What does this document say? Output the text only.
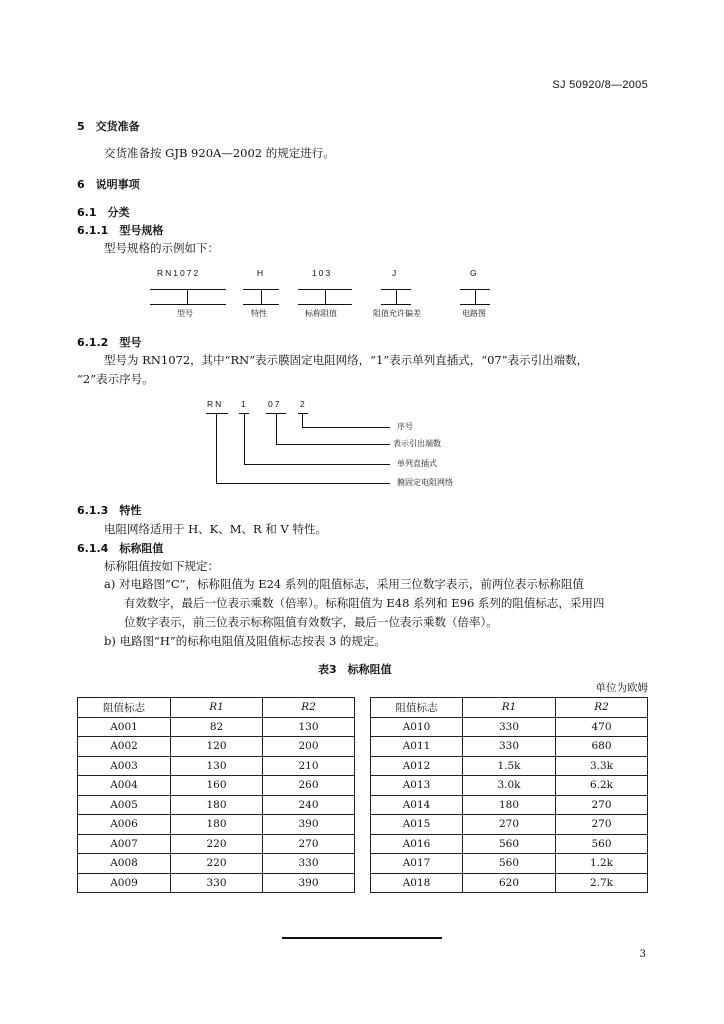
SJ 50920/8—2005
5　交货准备
交货准备按 GJB 920A—2002 的规定进行。
6　说明事项
6.1　分类
6.1.1　型号规格
型号规格的示例如下：
RN1072	H	103	J	G
型号	特性	标称阻值	阻值允许偏差	电路图
6.1.2　型号
型号为 RN1072，其中“RN”表示膜固定电阻网络，“1”表示单列直插式，“07”表示引出端数，
“2”表示序号。
RN 1 07 2
序号
表示引出端数
单列直插式
膜固定电阻网络
6.1.3　特性
电阻网络适用于 H、K、M、R 和 V 特性。
6.1.4　标称阻值
标称阻值按如下规定：
a) 对电路图“C”，标称阻值为 E24 系列的阻值标志，采用三位数字表示，前两位表示标称阻值
有效数字，最后一位表示乘数（倍率）。标称阻值为 E48 系列和 E96 系列的阻值标志，采用四
位数字表示，前三位表示标称阻值有效数字，最后一位表示乘数（倍率）。
b) 电路图“H”的标称电阻值及阻值标志按表 3 的规定。
表3　标称阻值
单位为欧姆
阻值标志	R1	R2
A001	82	130
A002	120	200
A003	130	210
A004	160	260
A005	180	240
A006	180	390
A007	220	270
A008	220	330
A009	330	390
阻值标志	R1	R2
A010	330	470
A011	330	680
A012	1.5k	3.3k
A013	3.0k	6.2k
A014	180	270
A015	270	270
A016	560	560
A017	560	1.2k
A018	620	2.7k
3
